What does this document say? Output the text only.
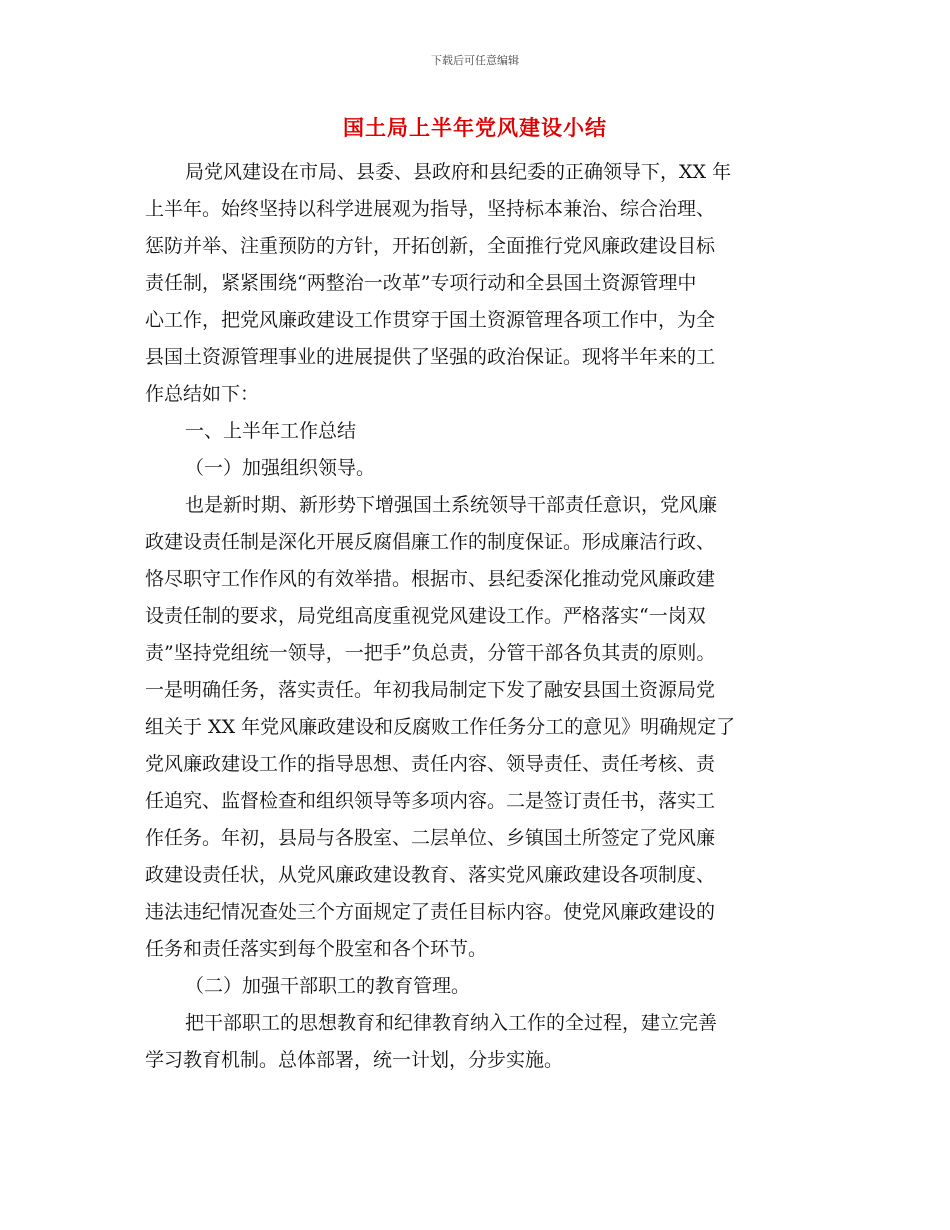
下载后可任意编辑
国土局上半年党风建设小结
局党风建设在市局、县委、县政府和县纪委的正确领导下，XX 年
上半年。始终坚持以科学进展观为指导，坚持标本兼治、综合治理、
惩防并举、注重预防的方针，开拓创新，全面推行党风廉政建设目标
责任制，紧紧围绕“两整治一改革”专项行动和全县国土资源管理中
心工作，把党风廉政建设工作贯穿于国土资源管理各项工作中，为全
县国土资源管理事业的进展提供了坚强的政治保证。现将半年来的工
作总结如下：
一、上半年工作总结
（一）加强组织领导。
也是新时期、新形势下增强国土系统领导干部责任意识，党风廉
政建设责任制是深化开展反腐倡廉工作的制度保证。形成廉洁行政、
恪尽职守工作作风的有效举措。根据市、县纪委深化推动党风廉政建
设责任制的要求，局党组高度重视党风建设工作。严格落实“一岗双
责”坚持党组统一领导，一把手”负总责，分管干部各负其责的原则。
一是明确任务，落实责任。年初我局制定下发了融安县国土资源局党
组关于 XX 年党风廉政建设和反腐败工作任务分工的意见》明确规定了
党风廉政建设工作的指导思想、责任内容、领导责任、责任考核、责
任追究、监督检查和组织领导等多项内容。二是签订责任书，落实工
作任务。年初，县局与各股室、二层单位、乡镇国土所签定了党风廉
政建设责任状，从党风廉政建设教育、落实党风廉政建设各项制度、
违法违纪情况查处三个方面规定了责任目标内容。使党风廉政建设的
任务和责任落实到每个股室和各个环节。
（二）加强干部职工的教育管理。
把干部职工的思想教育和纪律教育纳入工作的全过程，建立完善
学习教育机制。总体部署，统一计划，分步实施。
